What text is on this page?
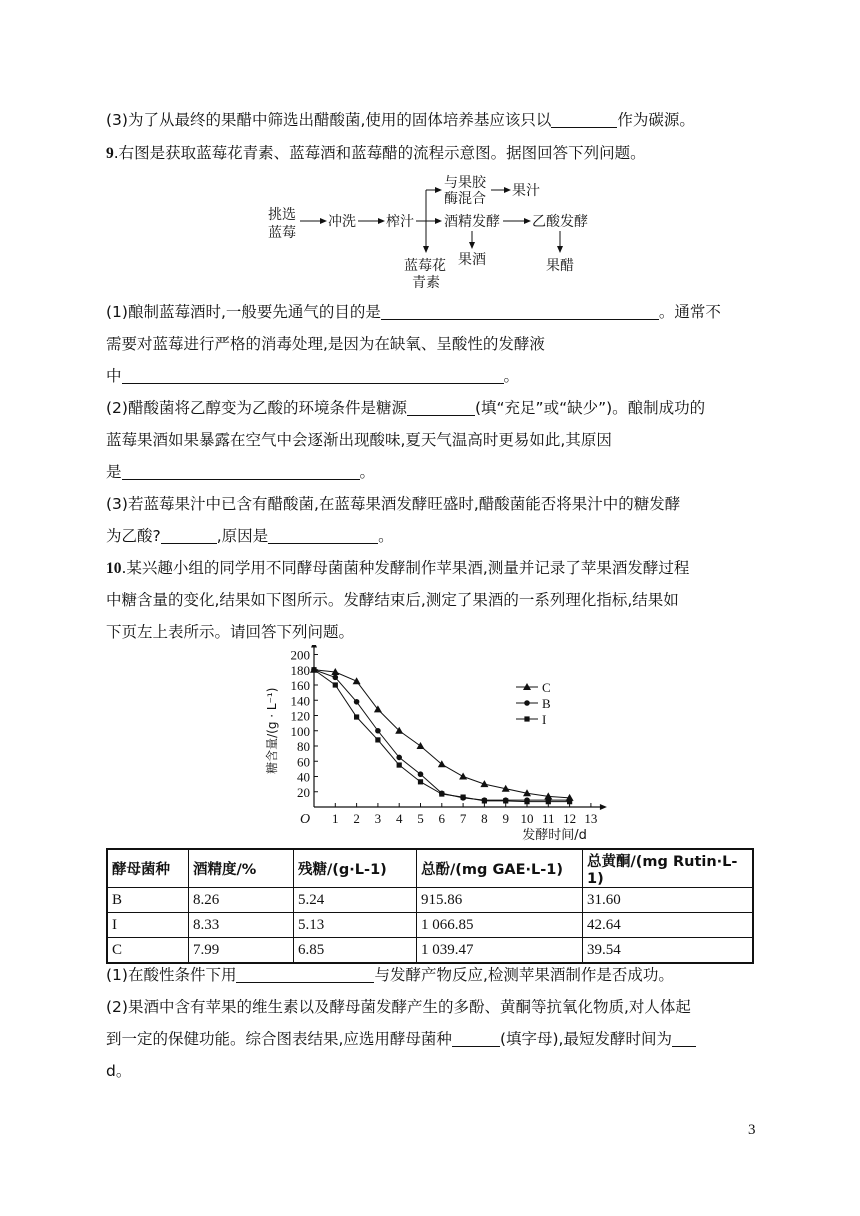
(3)为了从最终的果醋中筛选出醋酸菌,使用的固体培养基应该只以	作为碳源。
9.右图是获取蓝莓花青素、蓝莓酒和蓝莓醋的流程示意图。据图回答下列问题。
挑选
蓝莓
冲洗 榨汁
与果胶
酶混合 果汁
酒精发酵 乙酸发酵
蓝莓花
青素
果酒	果醋
(1)酿制蓝莓酒时,一般要先通气的目的是	。通常不
需要对蓝莓进行严格的消毒处理,是因为在缺氧、呈酸性的发酵液
中	。
(2)醋酸菌将乙醇变为乙酸的环境条件是糖源	(填“充足”或“缺少”)。酿制成功的
蓝莓果酒如果暴露在空气中会逐渐出现酸味,夏天气温高时更易如此,其原因
是	。
(3)若蓝莓果汁中已含有醋酸菌,在蓝莓果酒发酵旺盛时,醋酸菌能否将果汁中的糖发酵
为乙酸?	,原因是	。
10.某兴趣小组的同学用不同酵母菌菌种发酵制作苹果酒,测量并记录了苹果酒发酵过程
中糖含量的变化,结果如下图所示。发酵结束后,测定了果酒的一系列理化指标,结果如
下页左上表所示。请回答下列问题。
1 2 3 4 5 6 7 8 9 10 11 12 13
20
40
60
80
100
120
140
160
180
200
O
发酵时间/d
糖含量/(g · L⁻¹)
C
B
I
酵母菌种	酒精度/%	残糖/(g·L-1)	总酚/(mg GAE·L-1)	总黄酮/(mg Rutin·L-1)
B	8.26	5.24	915.86	31.60
I	8.33	5.13	1 066.85	42.64
C	7.99	6.85	1 039.47	39.54
(1)在酸性条件下用	与发酵产物反应,检测苹果酒制作是否成功。
(2)果酒中含有苹果的维生素以及酵母菌发酵产生的多酚、黄酮等抗氧化物质,对人体起
到一定的保健功能。综合图表结果,应选用酵母菌种	(填字母),最短发酵时间为
d。
3
